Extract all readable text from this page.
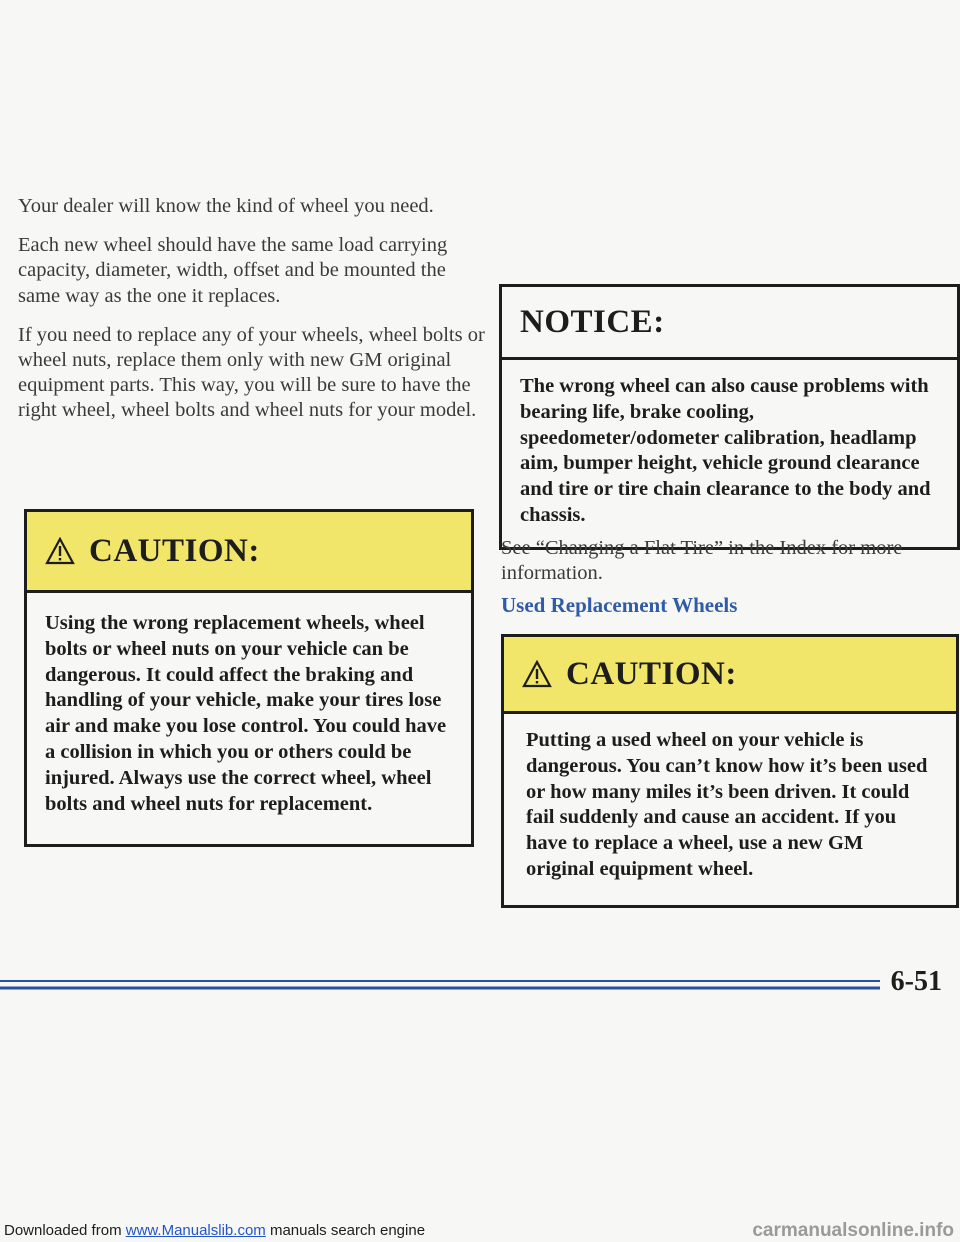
Your dealer will know the kind of wheel you need.

Each new wheel should have the same load carrying capacity, diameter, width, offset and be mounted the same way as the one it replaces.

If you need to replace any of your wheels, wheel bolts or wheel nuts, replace them only with new GM original equipment parts. This way, you will be sure to have the right wheel, wheel bolts and wheel nuts for your model.

CAUTION:
Using the wrong replacement wheels, wheel bolts or wheel nuts on your vehicle can be dangerous. It could affect the braking and handling of your vehicle, make your tires lose air and make you lose control. You could have a collision in which you or others could be injured. Always use the correct wheel, wheel bolts and wheel nuts for replacement.
NOTICE:
The wrong wheel can also cause problems with bearing life, brake cooling, speedometer/odometer calibration, headlamp aim, bumper height, vehicle ground clearance and tire or tire chain clearance to the body and chassis.

See “Changing a Flat Tire” in the Index for more information.

Used Replacement Wheels

CAUTION:
Putting a used wheel on your vehicle is dangerous. You can’t know how it’s been used or how many miles it’s been driven. It could fail suddenly and cause an accident. If you have to replace a wheel, use a new GM original equipment wheel.
6-51
Downloaded from www.Manualslib.com manuals search engine	carmanualsonline.info
